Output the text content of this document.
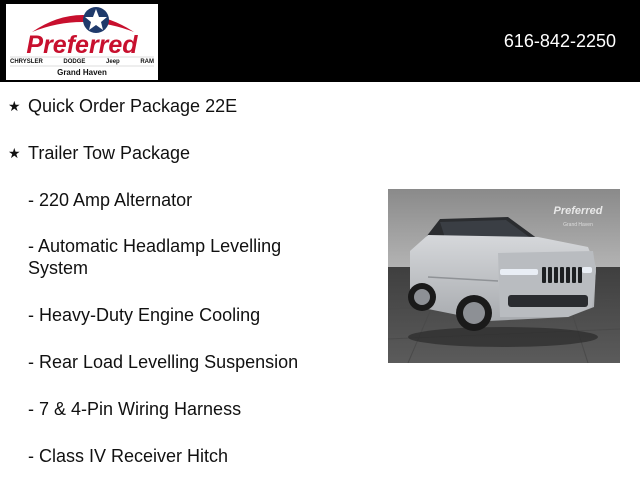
Preferred
CHRYSLER	DODGE	Jeep	RAM
Grand Haven
616-842-2250
★ Quick Order Package 22E
★ Trailer Tow Package
- 220 Amp Alternator
- Automatic Headlamp Levelling System
- Heavy-Duty Engine Cooling
- Rear Load Levelling Suspension
- 7 & 4-Pin Wiring Harness
- Class IV Receiver Hitch
Preferred
Grand Haven
